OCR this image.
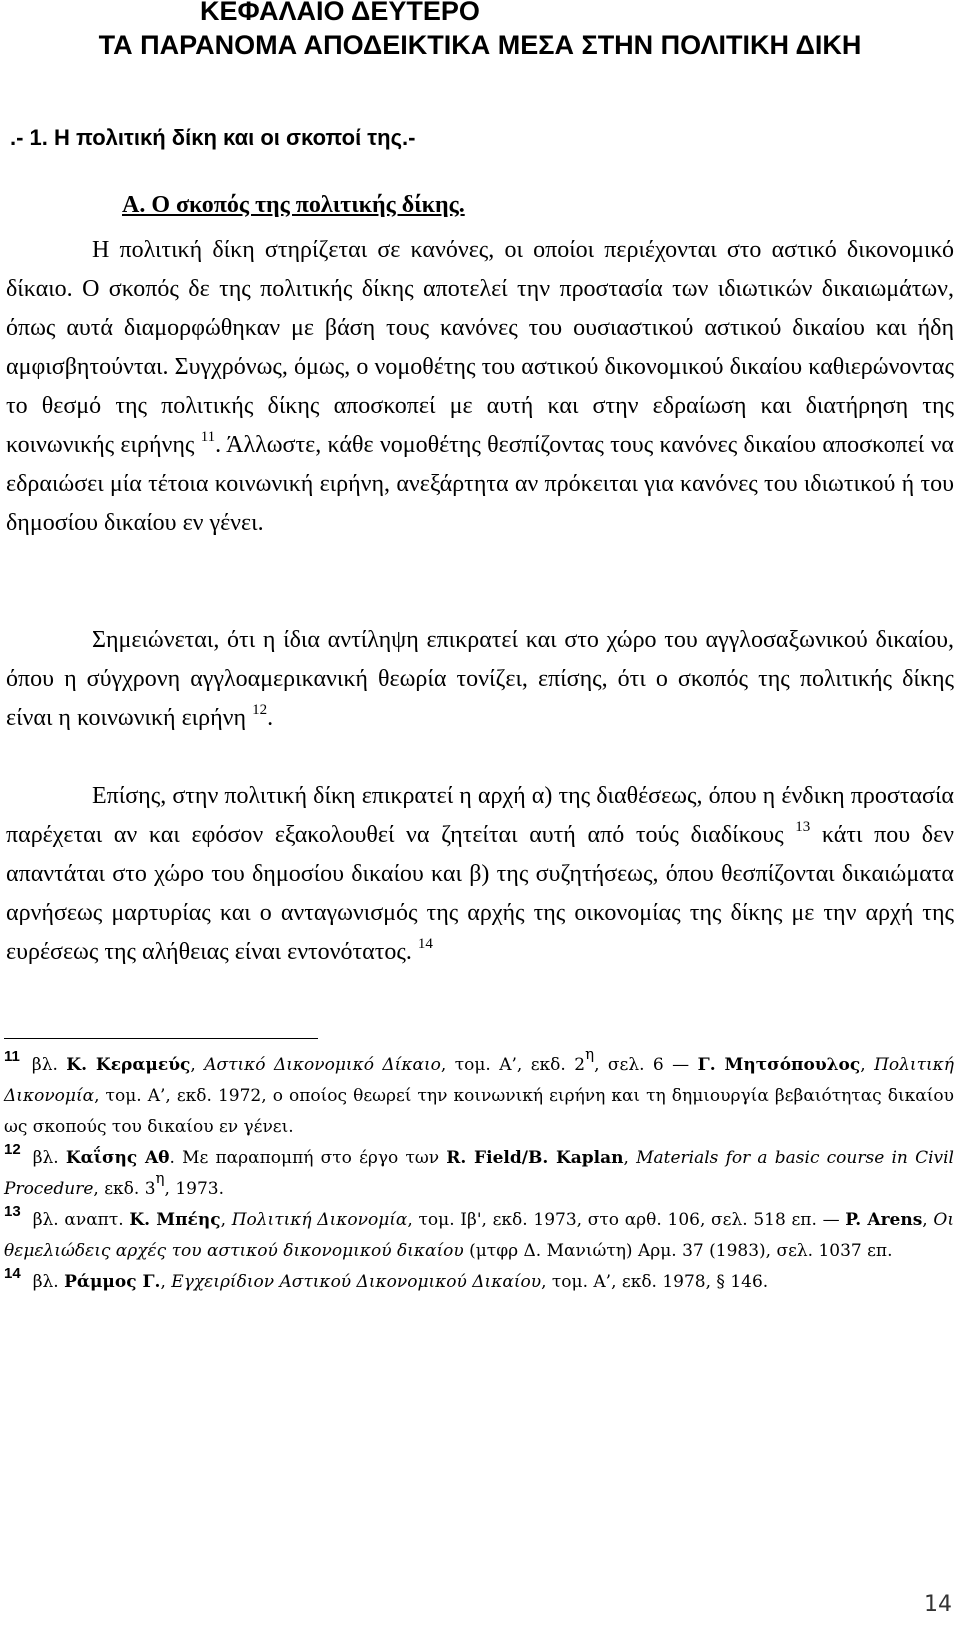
ΚΕΦΑΛΑΙΟ ΔΕΥΤΕΡΟ

ΤΑ ΠΑΡΑΝΟΜΑ ΑΠΟΔΕΙΚΤΙΚΑ ΜΕΣΑ ΣΤΗΝ ΠΟΛΙΤΙΚΗ ΔΙΚΗ

.- 1. Η πολιτική δίκη και οι σκοποί της.-

Α. Ο σκοπός της πολιτικής δίκης.

Η πολιτική δίκη στηρίζεται σε κανόνες, οι οποίοι περιέχονται στο αστικό δικονομικό δίκαιο. Ο σκοπός δε της πολιτικής δίκης αποτελεί την προστασία των ιδιωτικών δικαιωμάτων, όπως αυτά διαμορφώθηκαν με βάση τους κανόνες του ουσιαστικού αστικού δικαίου και ήδη αμφισβητούνται. Συγχρόνως, όμως, ο νομοθέτης του αστικού δικονομικού δικαίου καθιερώνοντας το θεσμό της πολιτικής δίκης αποσκοπεί με αυτή και στην εδραίωση και διατήρηση της κοινωνικής ειρήνης $^{11}$. Άλλωστε, κάθε νομοθέτης θεσπίζοντας τους κανόνες δικαίου αποσκοπεί να εδραιώσει μία τέτοια κοινωνική ειρήνη, ανεξάρτητα αν πρόκειται για κανόνες του ιδιωτικού ή του δημοσίου δικαίου εν γένει.

Σημειώνεται, ότι η ίδια αντίληψη επικρατεί και στο χώρο του αγγλοσαξωνικού δικαίου, όπου η σύγχρονη αγγλοαμερικανική θεωρία τονίζει, επίσης, ότι ο σκοπός της πολιτικής δίκης είναι η κοινωνική ειρήνη $^{12}$.

Επίσης, στην πολιτική δίκη επικρατεί η αρχή α) της διαθέσεως, όπου η ένδικη προστασία παρέχεται αν και εφόσον εξακολουθεί να ζητείται αυτή από τούς διαδίκους $^{13}$ κάτι που δεν απαντάται στο χώρο του δημοσίου δικαίου και β) της συζητήσεως, όπου θεσπίζονται δικαιώματα αρνήσεως μαρτυρίας και ο ανταγωνισμός της αρχής της οικονομίας της δίκης με την αρχή της ευρέσεως της αλήθειας είναι εντονότατος. $^{14}$

11 βλ. Κ. Κεραμεύς, Αστικό Δικονομικό Δίκαιο, τομ. Α’, εκδ. $2^\eta$, σελ. 6 — Γ. Μητσόπουλος, Πολιτική Δικονομία, τομ. Α’, εκδ. 1972, ο οποίος θεωρεί την κοινωνική ειρήνη και τη δημιουργία βεβαιότητας δικαίου ως σκοπούς του δικαίου εν γένει.

12 βλ. Καΐσης Αθ. Με παραπομπή στο έργο των R. Field/B. Kaplan, Materials for a basic course in Civil Procedure, εκδ. $3^\eta$, 1973.

13 βλ. αναπτ. Κ. Μπέης, Πολιτική Δικονομία, τομ. Ιβ', εκδ. 1973, στο αρθ. 106, σελ. 518 επ. — P. Arens, Οι θεμελιώδεις αρχές του αστικού δικονομικού δικαίου (μτφρ Δ. Μανιώτη) Αρμ. 37 (1983), σελ. 1037 επ.

14 βλ. Ράμμος Γ., Εγχειρίδιον Αστικού Δικονομικού Δικαίου, τομ. Α’, εκδ. 1978, § 146.

14
